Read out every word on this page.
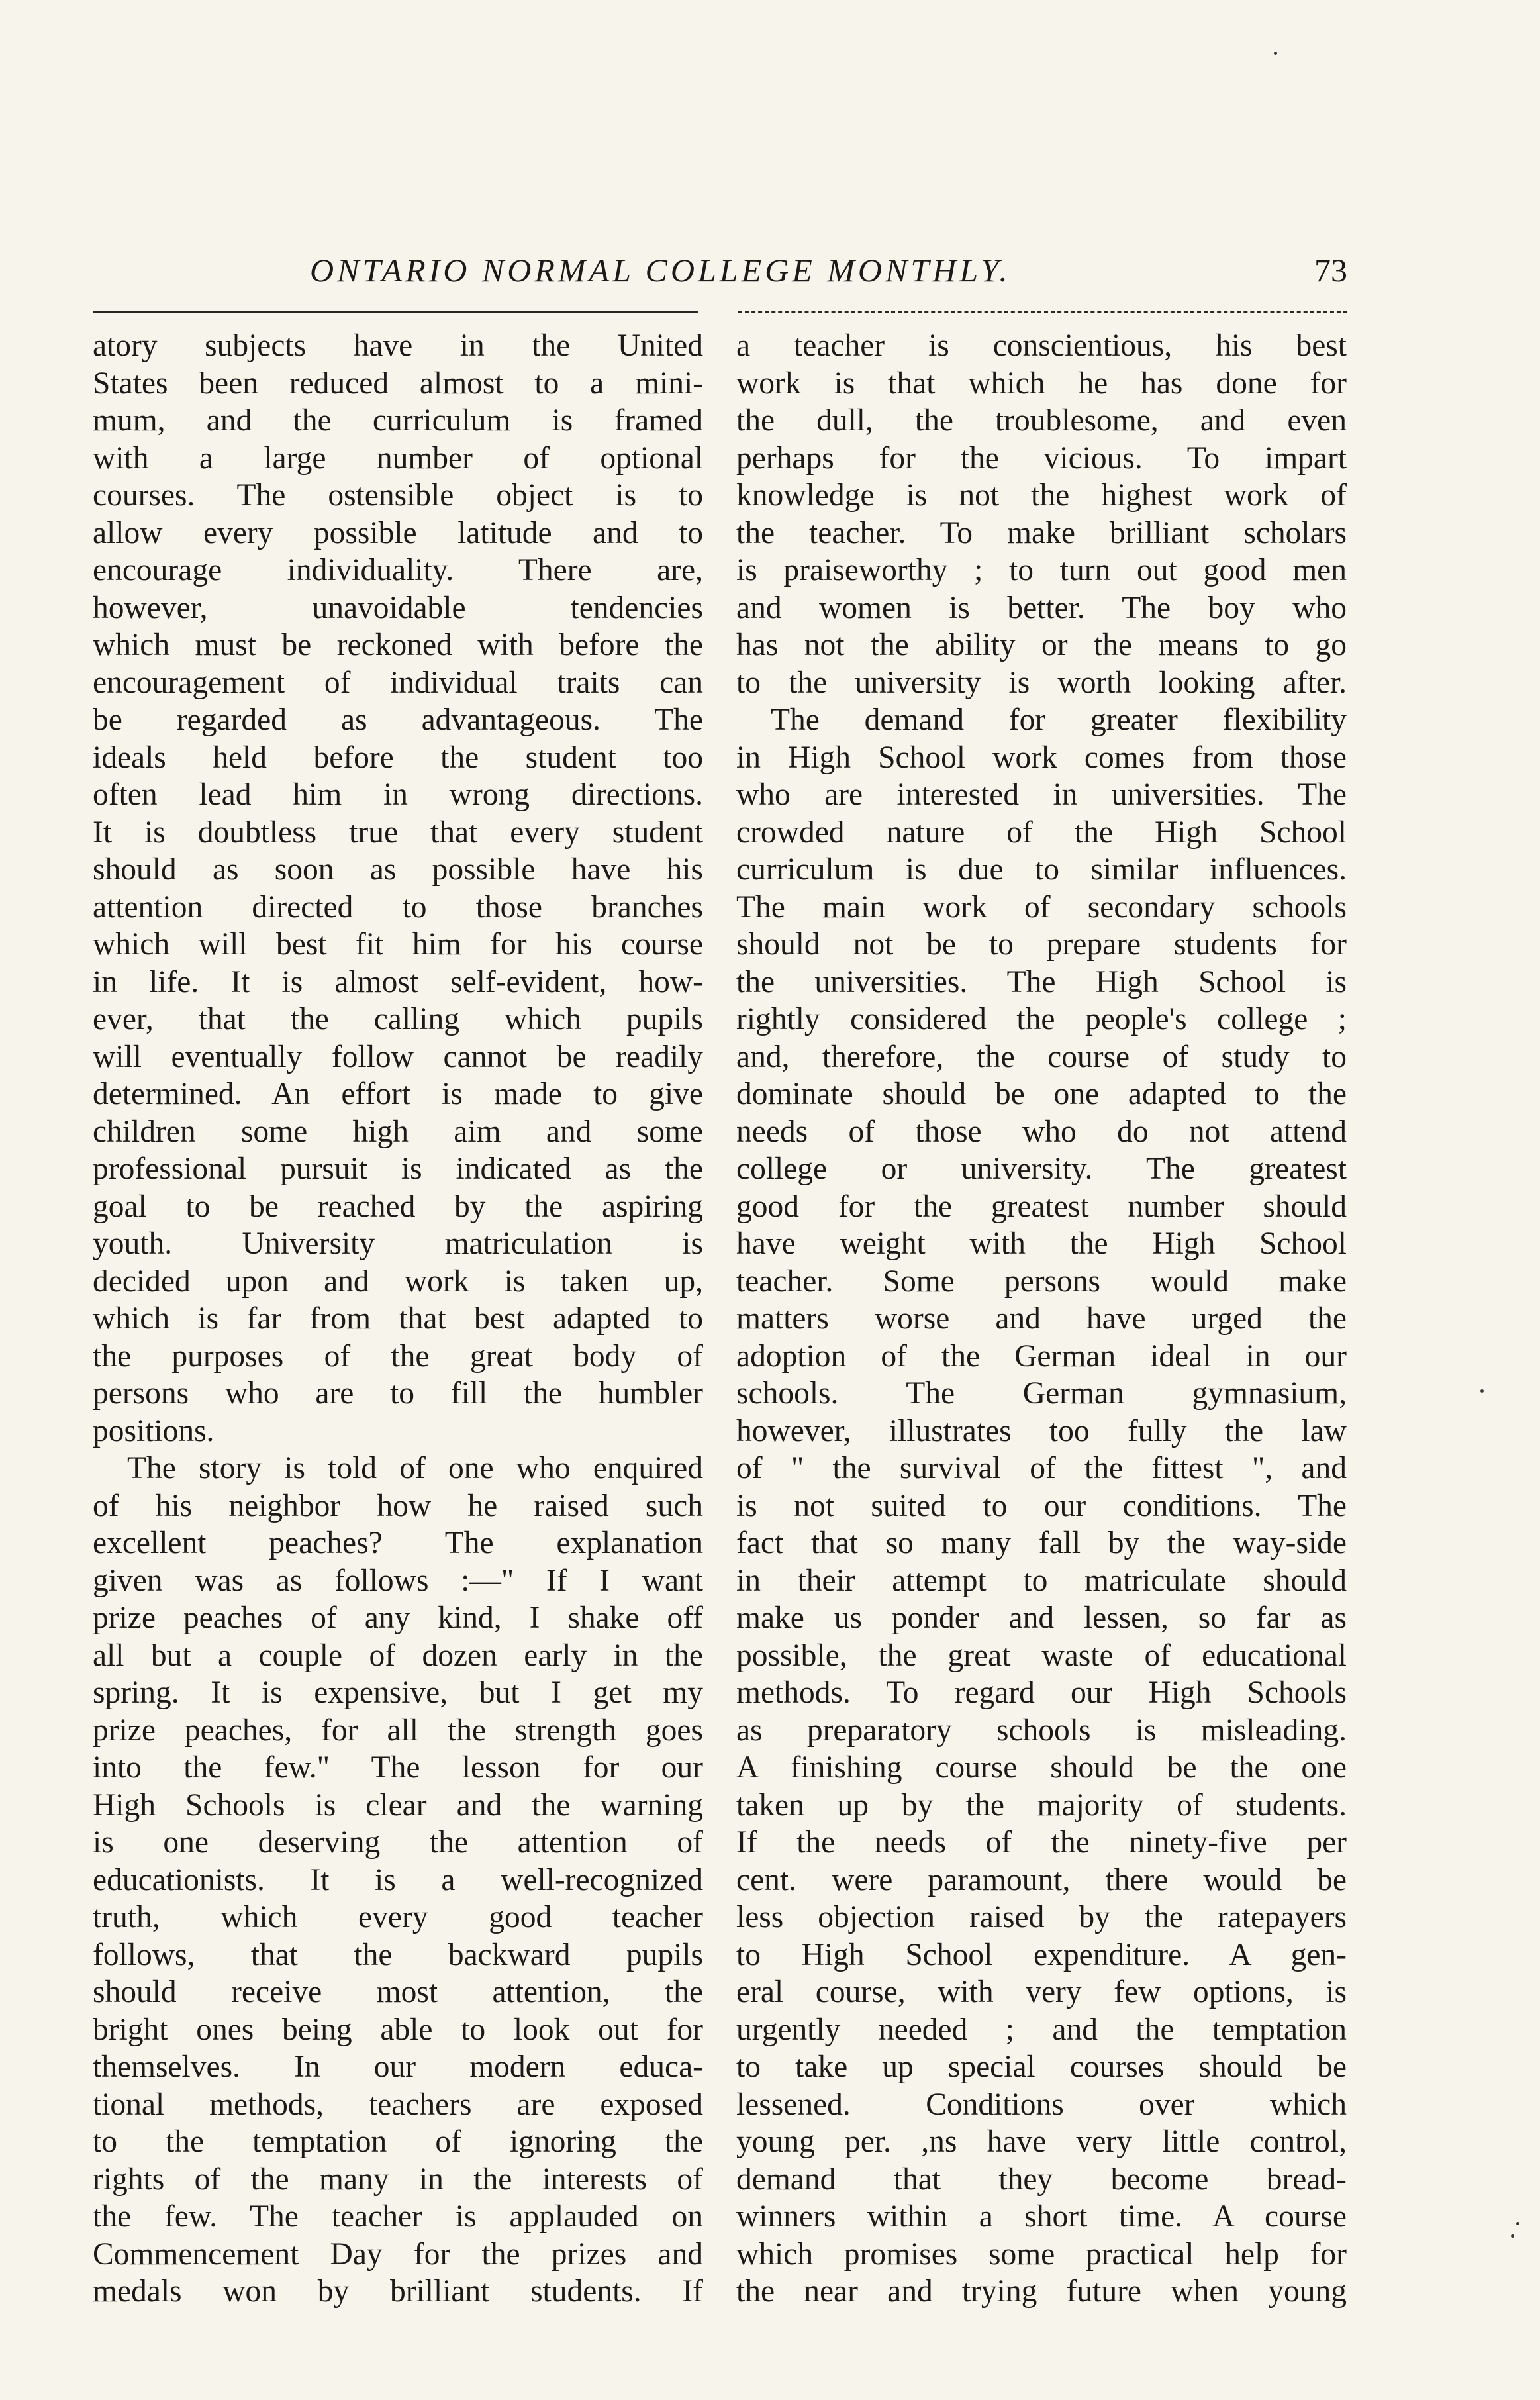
ONTARIO NORMAL COLLEGE MONTHLY.	73
atory subjects have in the United
States been reduced almost to a mini-
mum, and the curriculum is framed
with a large number of optional
courses. The ostensible object is to
allow every possible latitude and to
encourage individuality. There are,
however, unavoidable tendencies
which must be reckoned with before the
encouragement of individual traits can
be regarded as advantageous. The
ideals held before the student too
often lead him in wrong directions.
It is doubtless true that every student
should as soon as possible have his
attention directed to those branches
which will best fit him for his course
in life. It is almost self-evident, how-
ever, that the calling which pupils
will eventually follow cannot be readily
determined. An effort is made to give
children some high aim and some
professional pursuit is indicated as the
goal to be reached by the aspiring
youth. University matriculation is
decided upon and work is taken up,
which is far from that best adapted to
the purposes of the great body of
persons who are to fill the humbler
positions.
The story is told of one who enquired
of his neighbor how he raised such
excellent peaches? The explanation
given was as follows :—" If I want
prize peaches of any kind, I shake off
all but a couple of dozen early in the
spring. It is expensive, but I get my
prize peaches, for all the strength goes
into the few." The lesson for our
High Schools is clear and the warning
is one deserving the attention of
educationists. It is a well-recognized
truth, which every good teacher
follows, that the backward pupils
should receive most attention, the
bright ones being able to look out for
themselves. In our modern educa-
tional methods, teachers are exposed
to the temptation of ignoring the
rights of the many in the interests of
the few. The teacher is applauded on
Commencement Day for the prizes and
medals won by brilliant students. If
a teacher is conscientious, his best
work is that which he has done for
the dull, the troublesome, and even
perhaps for the vicious. To impart
knowledge is not the highest work of
the teacher. To make brilliant scholars
is praiseworthy ; to turn out good men
and women is better. The boy who
has not the ability or the means to go
to the university is worth looking after.
The demand for greater flexibility
in High School work comes from those
who are interested in universities. The
crowded nature of the High School
curriculum is due to similar influences.
The main work of secondary schools
should not be to prepare students for
the universities. The High School is
rightly considered the people's college ;
and, therefore, the course of study to
dominate should be one adapted to the
needs of those who do not attend
college or university. The greatest
good for the greatest number should
have weight with the High School
teacher. Some persons would make
matters worse and have urged the
adoption of the German ideal in our
schools. The German gymnasium,
however, illustrates too fully the law
of " the survival of the fittest ", and
is not suited to our conditions. The
fact that so many fall by the way-side
in their attempt to matriculate should
make us ponder and lessen, so far as
possible, the great waste of educational
methods. To regard our High Schools
as preparatory schools is misleading.
A finishing course should be the one
taken up by the majority of students.
If the needs of the ninety-five per
cent. were paramount, there would be
less objection raised by the ratepayers
to High School expenditure. A gen-
eral course, with very few options, is
urgently needed ; and the temptation
to take up special courses should be
lessened. Conditions over which
young per. ,ns have very little control,
demand that they become bread-
winners within a short time. A course
which promises some practical help for
the near and trying future when young
